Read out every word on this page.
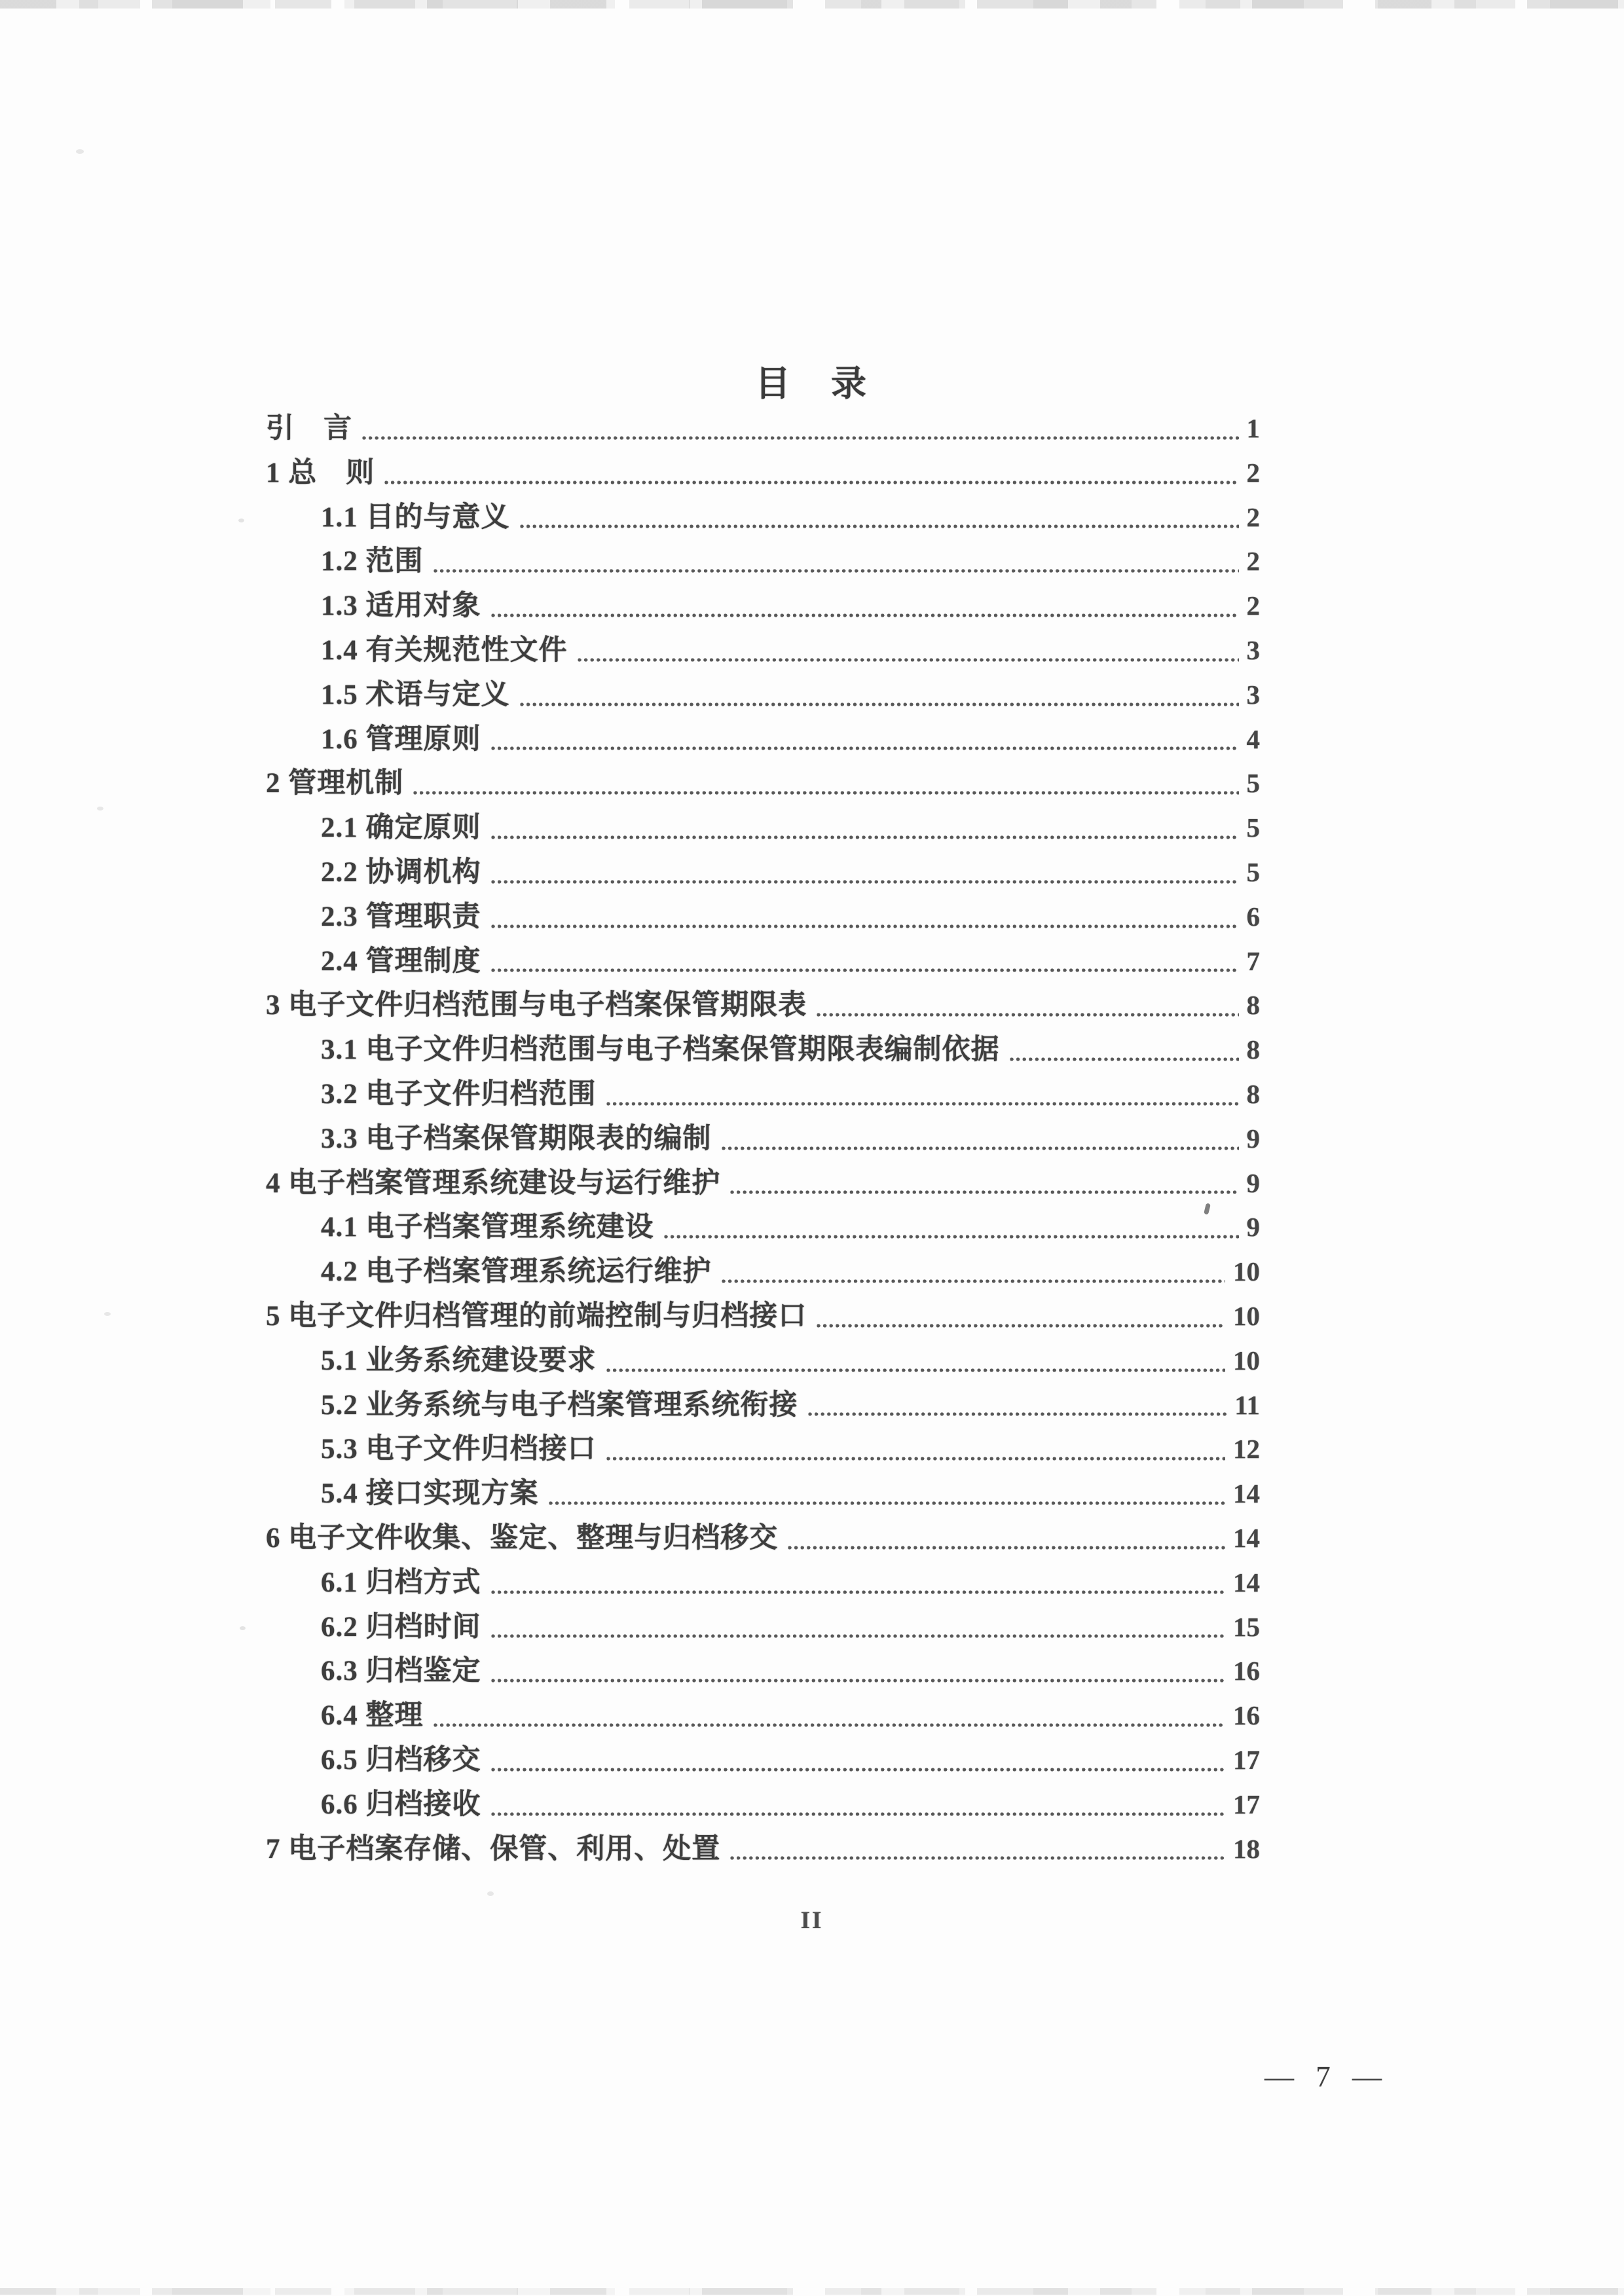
目　录
引　言	1
1 总　则	2
1.1 目的与意义	2
1.2 范围	2
1.3 适用对象	2
1.4 有关规范性文件	3
1.5 术语与定义	3
1.6 管理原则	4
2 管理机制	5
2.1 确定原则	5
2.2 协调机构	5
2.3 管理职责	6
2.4 管理制度	7
3 电子文件归档范围与电子档案保管期限表	8
3.1 电子文件归档范围与电子档案保管期限表编制依据	8
3.2 电子文件归档范围	8
3.3 电子档案保管期限表的编制	9
4 电子档案管理系统建设与运行维护	9
4.1 电子档案管理系统建设	9
4.2 电子档案管理系统运行维护	10
5 电子文件归档管理的前端控制与归档接口	10
5.1 业务系统建设要求	10
5.2 业务系统与电子档案管理系统衔接	11
5.3 电子文件归档接口	12
5.4 接口实现方案	14
6 电子文件收集、鉴定、整理与归档移交	14
6.1 归档方式	14
6.2 归档时间	15
6.3 归档鉴定	16
6.4 整理	16
6.5 归档移交	17
6.6 归档接收	17
7 电子档案存储、保管、利用、处置	18
II
— 7 —
